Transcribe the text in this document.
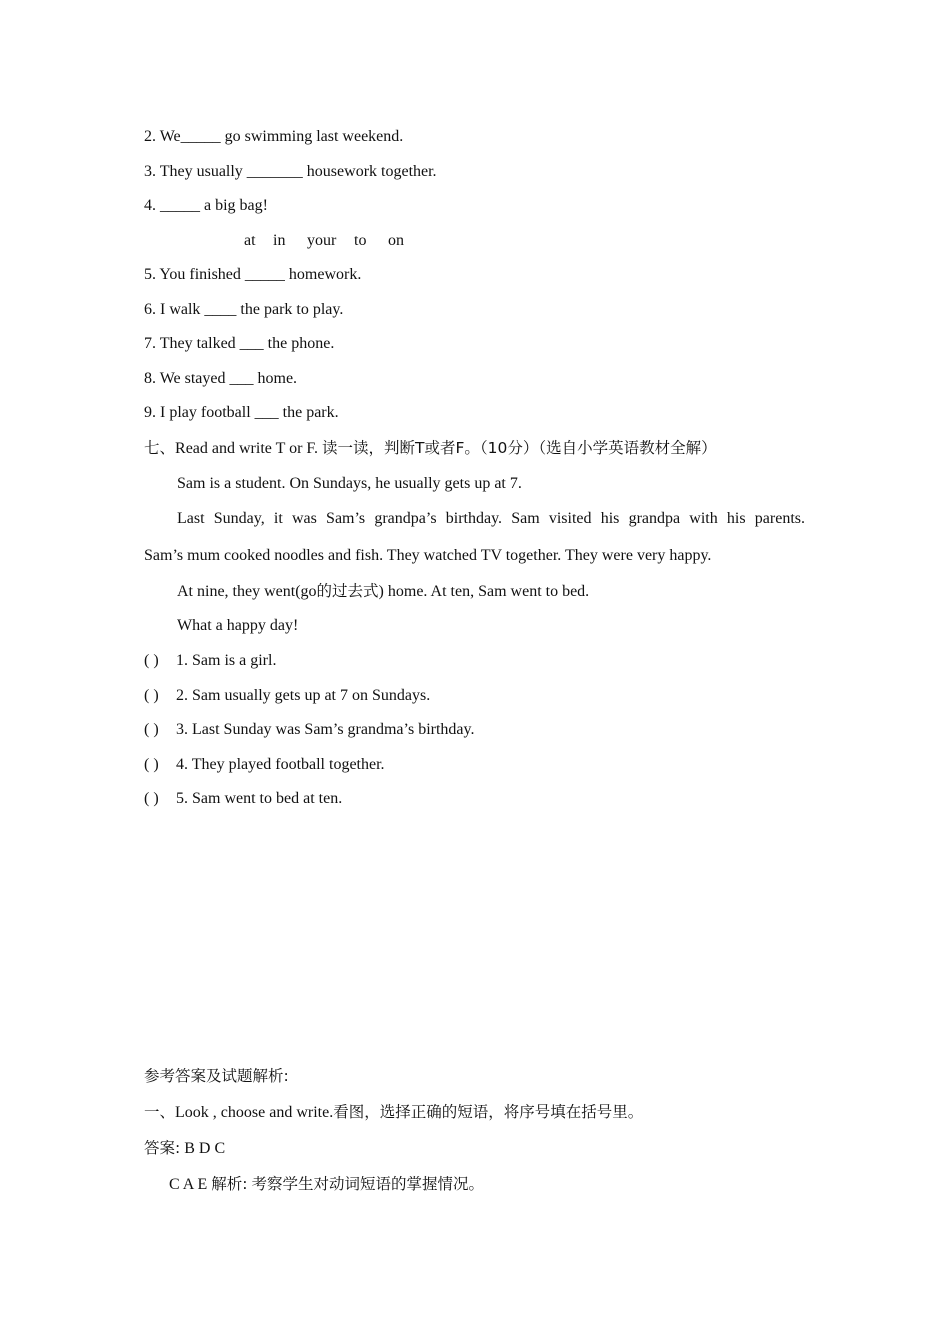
2. We_____ go swimming last weekend.
3. They usually _______ housework together.
4. _____ a big bag!
at in your to on
5. You finished _____ homework.
6. I walk ____ the park to play.
7. They talked ___ the phone.
8. We stayed ___ home.
9. I play football ___ the park.
七、Read and write T or F. 读一读，判断T或者F。（10分）（选自小学英语教材全解）
Sam is a student. On Sundays, he usually gets up at 7.
Last Sunday, it was Sam’s grandpa’s birthday. Sam visited his grandpa with his parents.
Sam’s mum cooked noodles and fish. They watched TV together. They were very happy.
At nine, they went(go的过去式) home. At ten, Sam went to bed.
What a happy day!
( ) 1. Sam is a girl.
( ) 2. Sam usually gets up at 7 on Sundays.
( ) 3. Last Sunday was Sam’s grandma’s birthday.
( ) 4. They played football together.
( ) 5. Sam went to bed at ten.
参考答案及试题解析:
一、Look , choose and write.看图，选择正确的短语，将序号填在括号里。
答案: B D C
C A E 解析: 考察学生对动词短语的掌握情况。
